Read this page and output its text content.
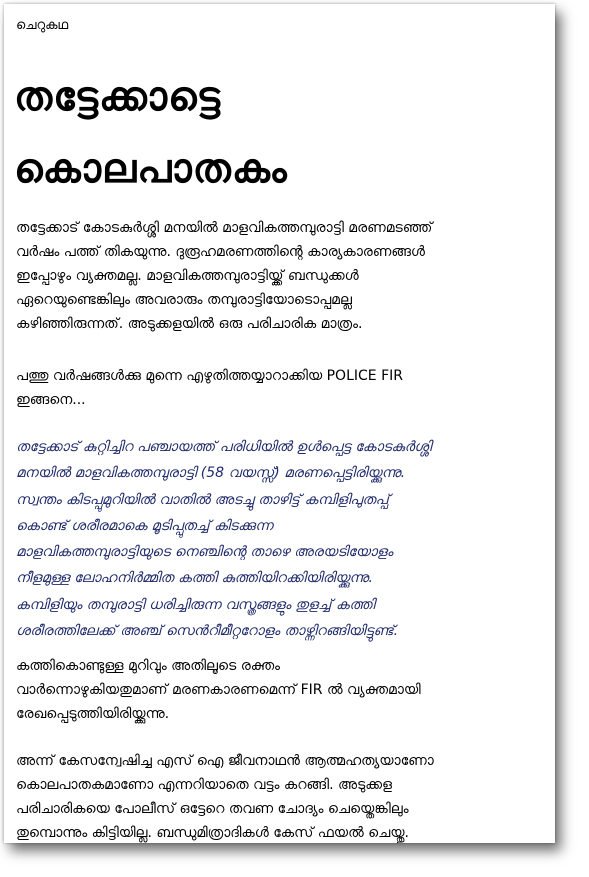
ചെറുകഥ
തട്ടേക്കാട്ടെ
കൊലപാതകം
തട്ടേക്കാട് കോടകുർശ്ശി മനയിൽ മാളവികത്തമ്പുരാട്ടി മരണമടഞ്ഞ്
വർഷം പത്ത് തികയുന്നു. ദുരൂഹമരണത്തിന്റെ കാര്യകാരണങ്ങൾ
ഇപ്പോഴും വ്യക്തമല്ല. മാളവികത്തമ്പുരാട്ടിയ്ക്ക് ബന്ധുക്കൾ
ഏറെയുണ്ടെങ്കിലും അവരാരും തമ്പുരാട്ടിയോടൊപ്പമല്ല
കഴിഞ്ഞിരുന്നത്. അടുക്കളയിൽ ഒരു പരിചാരിക മാത്രം.
പത്തു വർഷങ്ങൾക്കു മുന്നെ എഴുതിത്തയ്യാറാക്കിയ POLICE FIR
ഇങ്ങനെ...
തട്ടേക്കാട് കുറ്റിച്ചിറ പഞ്ചായത്ത് പരിധിയിൽ ഉൾപ്പെട്ട കോടകുർശ്ശി
മനയിൽ മാളവികത്തമ്പുരാട്ടി (58 വയസ്സ്) മരണപ്പെട്ടിരിയ്ക്കുന്നു.
സ്വന്തം കിടപ്പുമുറിയിൽ വാതിൽ അടച്ചു താഴിട്ട് കമ്പിളിപുതപ്പ്
കൊണ്ട് ശരീരമാകെ മൂടിപ്പുതച്ച് കിടക്കുന്ന
മാളവികത്തമ്പുരാട്ടിയുടെ നെഞ്ചിന്റെ താഴെ അരയടിയോളം
നീളമുള്ള ലോഹനിർമ്മിത കത്തി കുത്തിയിറക്കിയിരിയ്ക്കുന്നു.
കമ്പിളിയും തമ്പുരാട്ടി ധരിച്ചിരുന്ന വസ്ത്രങ്ങളും തുളച്ച് കത്തി
ശരീരത്തിലേക്ക് അഞ്ച് സെൻറീമീറ്ററോളം താഴ്ന്നിറങ്ങിയിട്ടുണ്ട്.
കത്തികൊണ്ടുള്ള മുറിവും അതിലൂടെ രക്തം
വാർന്നൊഴുകിയതുമാണ് മരണകാരണമെന്ന് FIR ൽ വ്യക്തമായി
രേഖപ്പെടുത്തിയിരിയ്ക്കുന്നു.
അന്ന് കേസന്വേഷിച്ച എസ് ഐ ജീവനാഥൻ ആത്മഹത്യയാണോ
കൊലപാതകമാണോ എന്നറിയാതെ വട്ടം കറങ്ങി. അടുക്കള
പരിചാരികയെ പോലീസ് ഒട്ടേറെ തവണ ചോദ്യം ചെയ്തെങ്കിലും
തുമ്പൊന്നും കിട്ടിയില്ല. ബന്ധുമിത്രാദികൾ കേസ് ഫയൽ ചെയ്തു.
